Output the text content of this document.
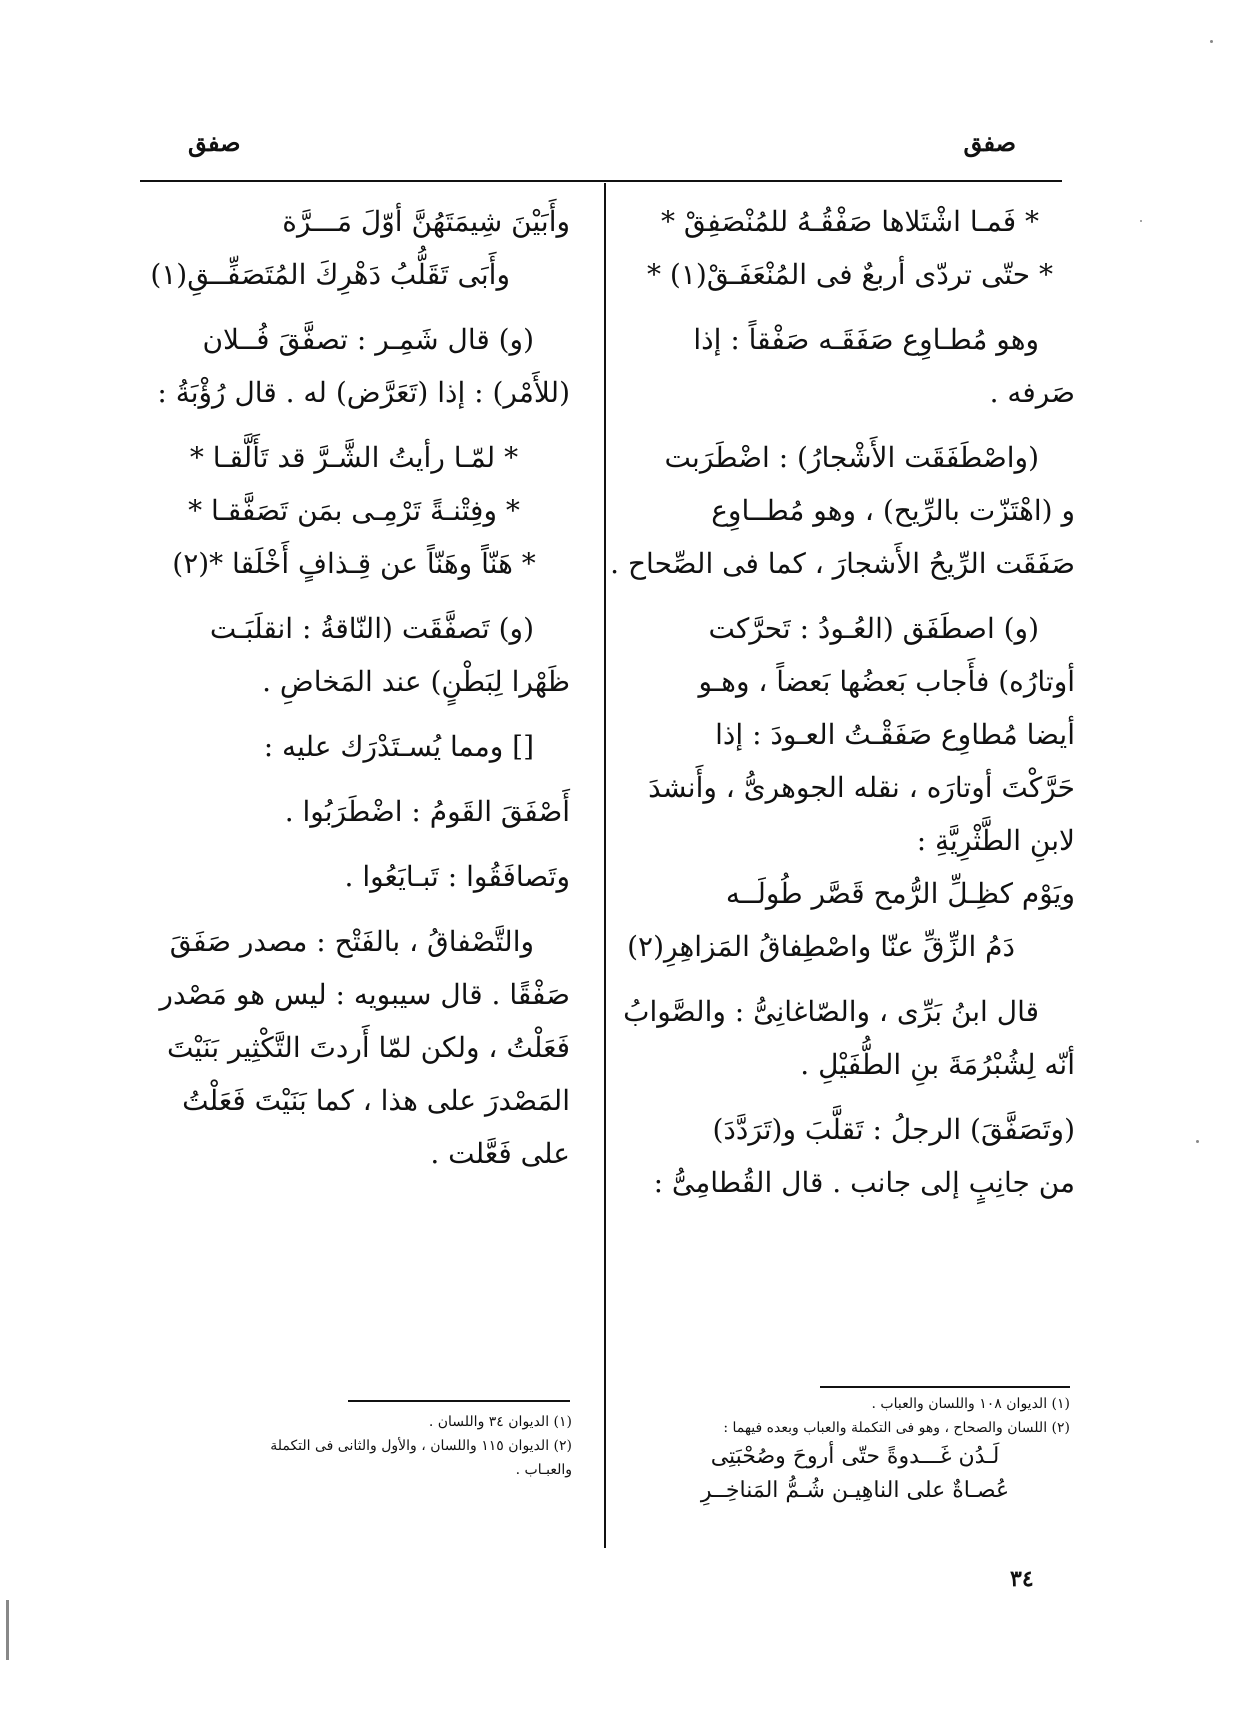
صفق
صفق

* فَمـا اشْتَلاها صَفْقُـهُ للمُنْصَفِقْ *

* حتّى تردّى أربعٌ فى المُنْعَفَـقْ(١) *

وهو مُطـاوِع صَفَقَـه صَفْقاً : إذا

صَرفه .

(واصْطَفَقَت الأَشْجارُ) : اضْطَرَبت

و (اهْتَزّت بالرِّيح) ، وهو مُطــاوِع

صَفَقَت الرِّيحُ الأَشجارَ ، كما فى الصِّحاح .

(و) اصطَفَق (العُـودُ : تَحرَّكت

أوتارُه) فأَجاب بَعضُها بَعضاً ، وهـو

أيضا مُطاوِع صَفَقْـتُ العـودَ : إذا

حَرَّكْتَ أوتارَه ، نقله الجوهرىُّ ، وأَنشدَ

لابنِ الطَّثْرِيَّةِ :

ويَوْم كظِـلِّ الرُّمح قَصَّر طُولَــه

دَمُ الزِّقِّ عنّا واصْطِفاقُ المَزاهِرِ(٢)

قال ابنُ بَرِّى ، والصّاغانِىُّ : والصَّوابُ

أنّه لِشُبْرُمَةَ بنِ الطُّفَيْلِ .

(وتَصَفَّقَ) الرجلُ : تَقلَّبَ و(تَرَدَّدَ)

من جانِبٍ إلى جانب . قال القُطامِىُّ :

(١) الديوان ١٠٨ واللسان والعباب .

(٢) اللسان والصحاح ، وهو فى التكملة والعباب وبعده فيهما :

لَـدُن غَـــدوةً حتّى أروحَ وصُحْبَتِى

عُصـاةٌ على الناهِيـن شُـمُّ المَناخِــرِ

وأَبَيْنَ شِيمَتَهُنَّ أوّلَ مَـــرَّة

وأَبَى تَقَلُّبُ دَهْرِكَ المُتَصَفِّــقِ(١)

(و) قال شَمِـر : تصفَّقَ فُــلان

(للأَمْر) : إذا (تَعَرَّض) له . قال رُؤْبَةُ :

* لمّـا رأيتُ الشَّـرَّ قد تَأَلَّقـا *

* وفِتْنـةً تَرْمِـى بمَن تَصَفَّقـا *

* هَنّاً وهَنّاً عن قِـذافٍ أَخْلَقا *(٢)

(و) تَصفَّقَت (النّاقةُ : انقلَبَـت

ظَهْرا لِبَطْنٍ) عند المَخاضِ .

[] ومما يُسـتَدْرَك عليه :

أَصْفَقَ القَومُ : اضْطَرَبُوا .

وتَصافَقُوا : تَبـايَعُوا .

والتَّصْفاقُ ، بالفَتْح : مصدر صَفَقَ

صَفْقًا . قال سيبويه : ليس هو مَصْدر

فَعَلْتُ ، ولكن لمّا أَردتَ التَّكْثِير بَنَيْتَ

المَصْدرَ على هذا ، كما بَنَيْتَ فَعَلْتُ

على فَعَّلت .

(١) الديوان ٣٤ واللسان .

(٢) الديوان ١١٥ واللسان ، والأول والثانى فى التكملة

والعبـاب .

٣٤
